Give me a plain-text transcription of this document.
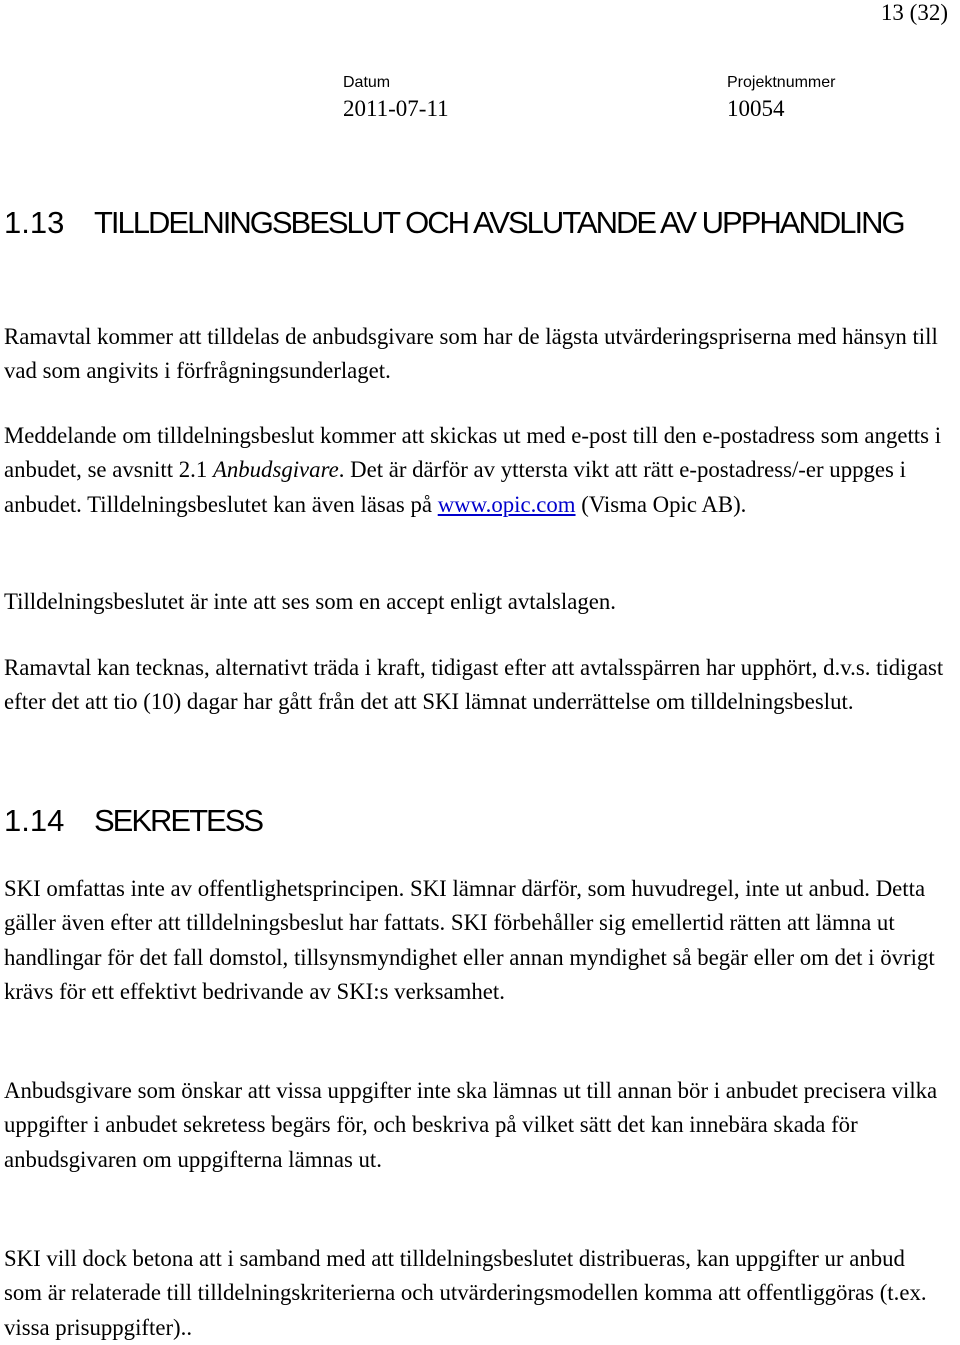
13 (32)
Datum
2011-07-11
Projektnummer
10054
1.13 TILLDELNINGSBESLUT OCH AVSLUTANDE AV UPPHANDLING

Ramavtal kommer att tilldelas de anbudsgivare som har de lägsta utvärderingspriserna med hänsyn till vad som angivits i förfrågningsunderlaget.

Meddelande om tilldelningsbeslut kommer att skickas ut med e-post till den e-postadress som angetts i anbudet, se avsnitt 2.1 Anbudsgivare. Det är därför av yttersta vikt att rätt e-postadress/-er uppges i anbudet. Tilldelningsbeslutet kan även läsas på www.opic.com (Visma Opic AB).

Tilldelningsbeslutet är inte att ses som en accept enligt avtalslagen.

Ramavtal kan tecknas, alternativt träda i kraft, tidigast efter att avtalsspärren har upphört, d.v.s. tidigast efter det att tio (10) dagar har gått från det att SKI lämnat underrättelse om tilldelningsbeslut.

1.14 SEKRETESS

SKI omfattas inte av offentlighetsprincipen. SKI lämnar därför, som huvudregel, inte ut anbud. Detta gäller även efter att tilldelningsbeslut har fattats. SKI förbehåller sig emellertid rätten att lämna ut handlingar för det fall domstol, tillsynsmyndighet eller annan myndighet så begär eller om det i övrigt krävs för ett effektivt bedrivande av SKI:s verksamhet.

Anbudsgivare som önskar att vissa uppgifter inte ska lämnas ut till annan bör i anbudet precisera vilka uppgifter i anbudet sekretess begärs för, och beskriva på vilket sätt det kan innebära skada för anbudsgivaren om uppgifterna lämnas ut.

SKI vill dock betona att i samband med att tilldelningsbeslutet distribueras, kan uppgifter ur anbud som är relaterade till tilldelningskriterierna och utvärderingsmodellen komma att offentliggöras (t.ex. vissa prisuppgifter)..
